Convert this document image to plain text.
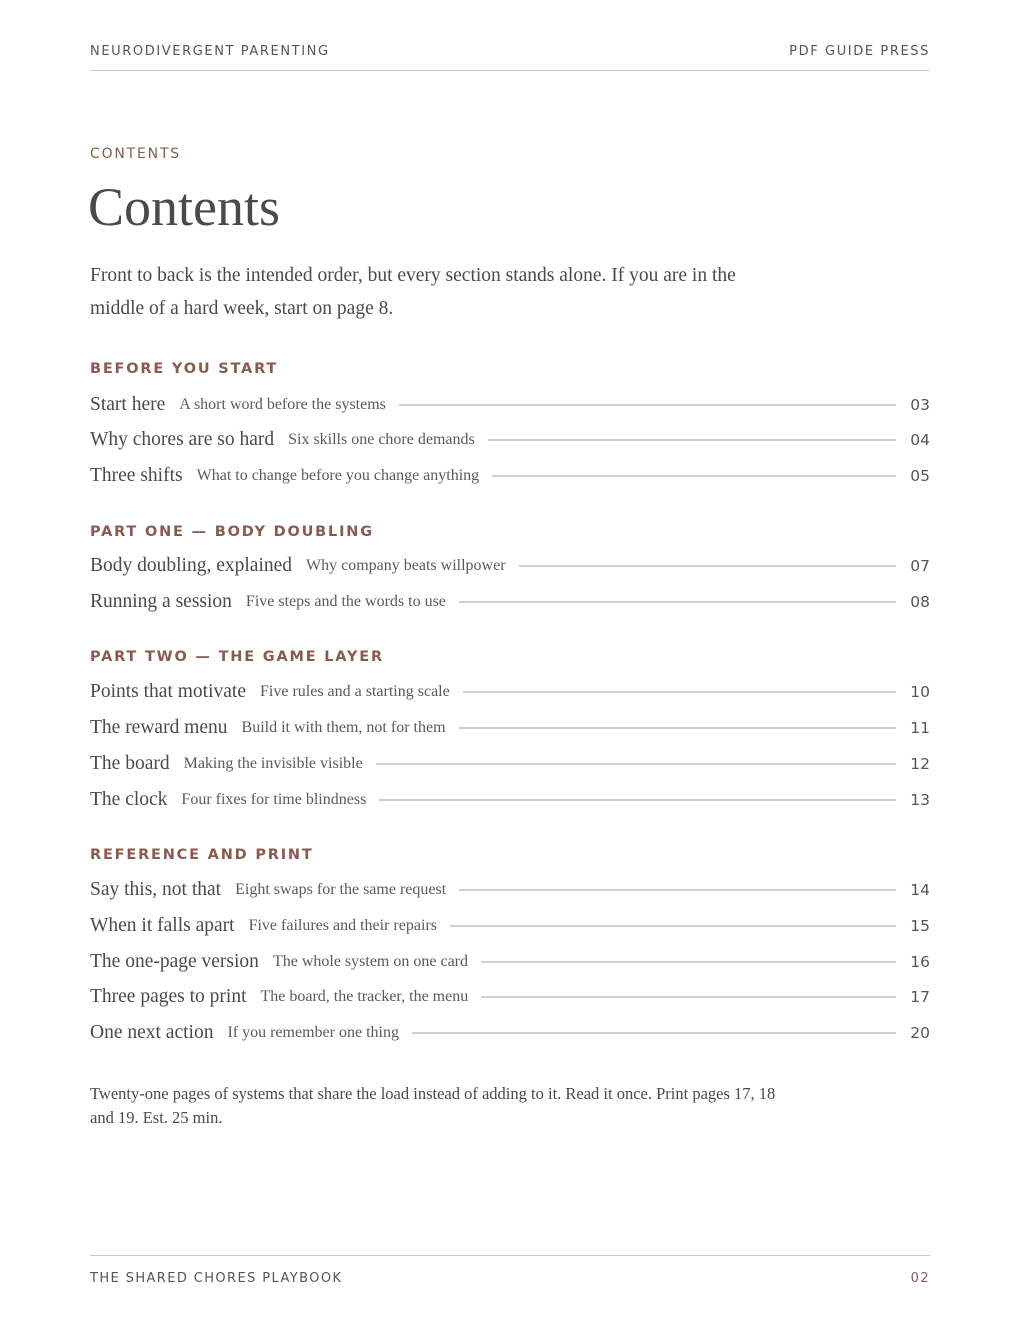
NEURODIVERGENT PARENTING	PDF GUIDE PRESS
CONTENTS
Contents

Front to back is the intended order, but every section stands alone. If you are in the middle of a hard week, start on page 8.

BEFORE YOU START
Start here A short word before the systems	03
Why chores are so hard Six skills one chore demands	04
Three shifts What to change before you change anything	05
PART ONE — BODY DOUBLING
Body doubling, explained Why company beats willpower	07
Running a session Five steps and the words to use	08
PART TWO — THE GAME LAYER
Points that motivate Five rules and a starting scale	10
The reward menu Build it with them, not for them	11
The board Making the invisible visible	12
The clock Four fixes for time blindness	13
REFERENCE AND PRINT
Say this, not that Eight swaps for the same request	14
When it falls apart Five failures and their repairs	15
The one-page version The whole system on one card	16
Three pages to print The board, the tracker, the menu	17
One next action If you remember one thing	20

Twenty-one pages of systems that share the load instead of adding to it. Read it once. Print pages 17, 18 and 19. Est. 25 min.

THE SHARED CHORES PLAYBOOK	02
